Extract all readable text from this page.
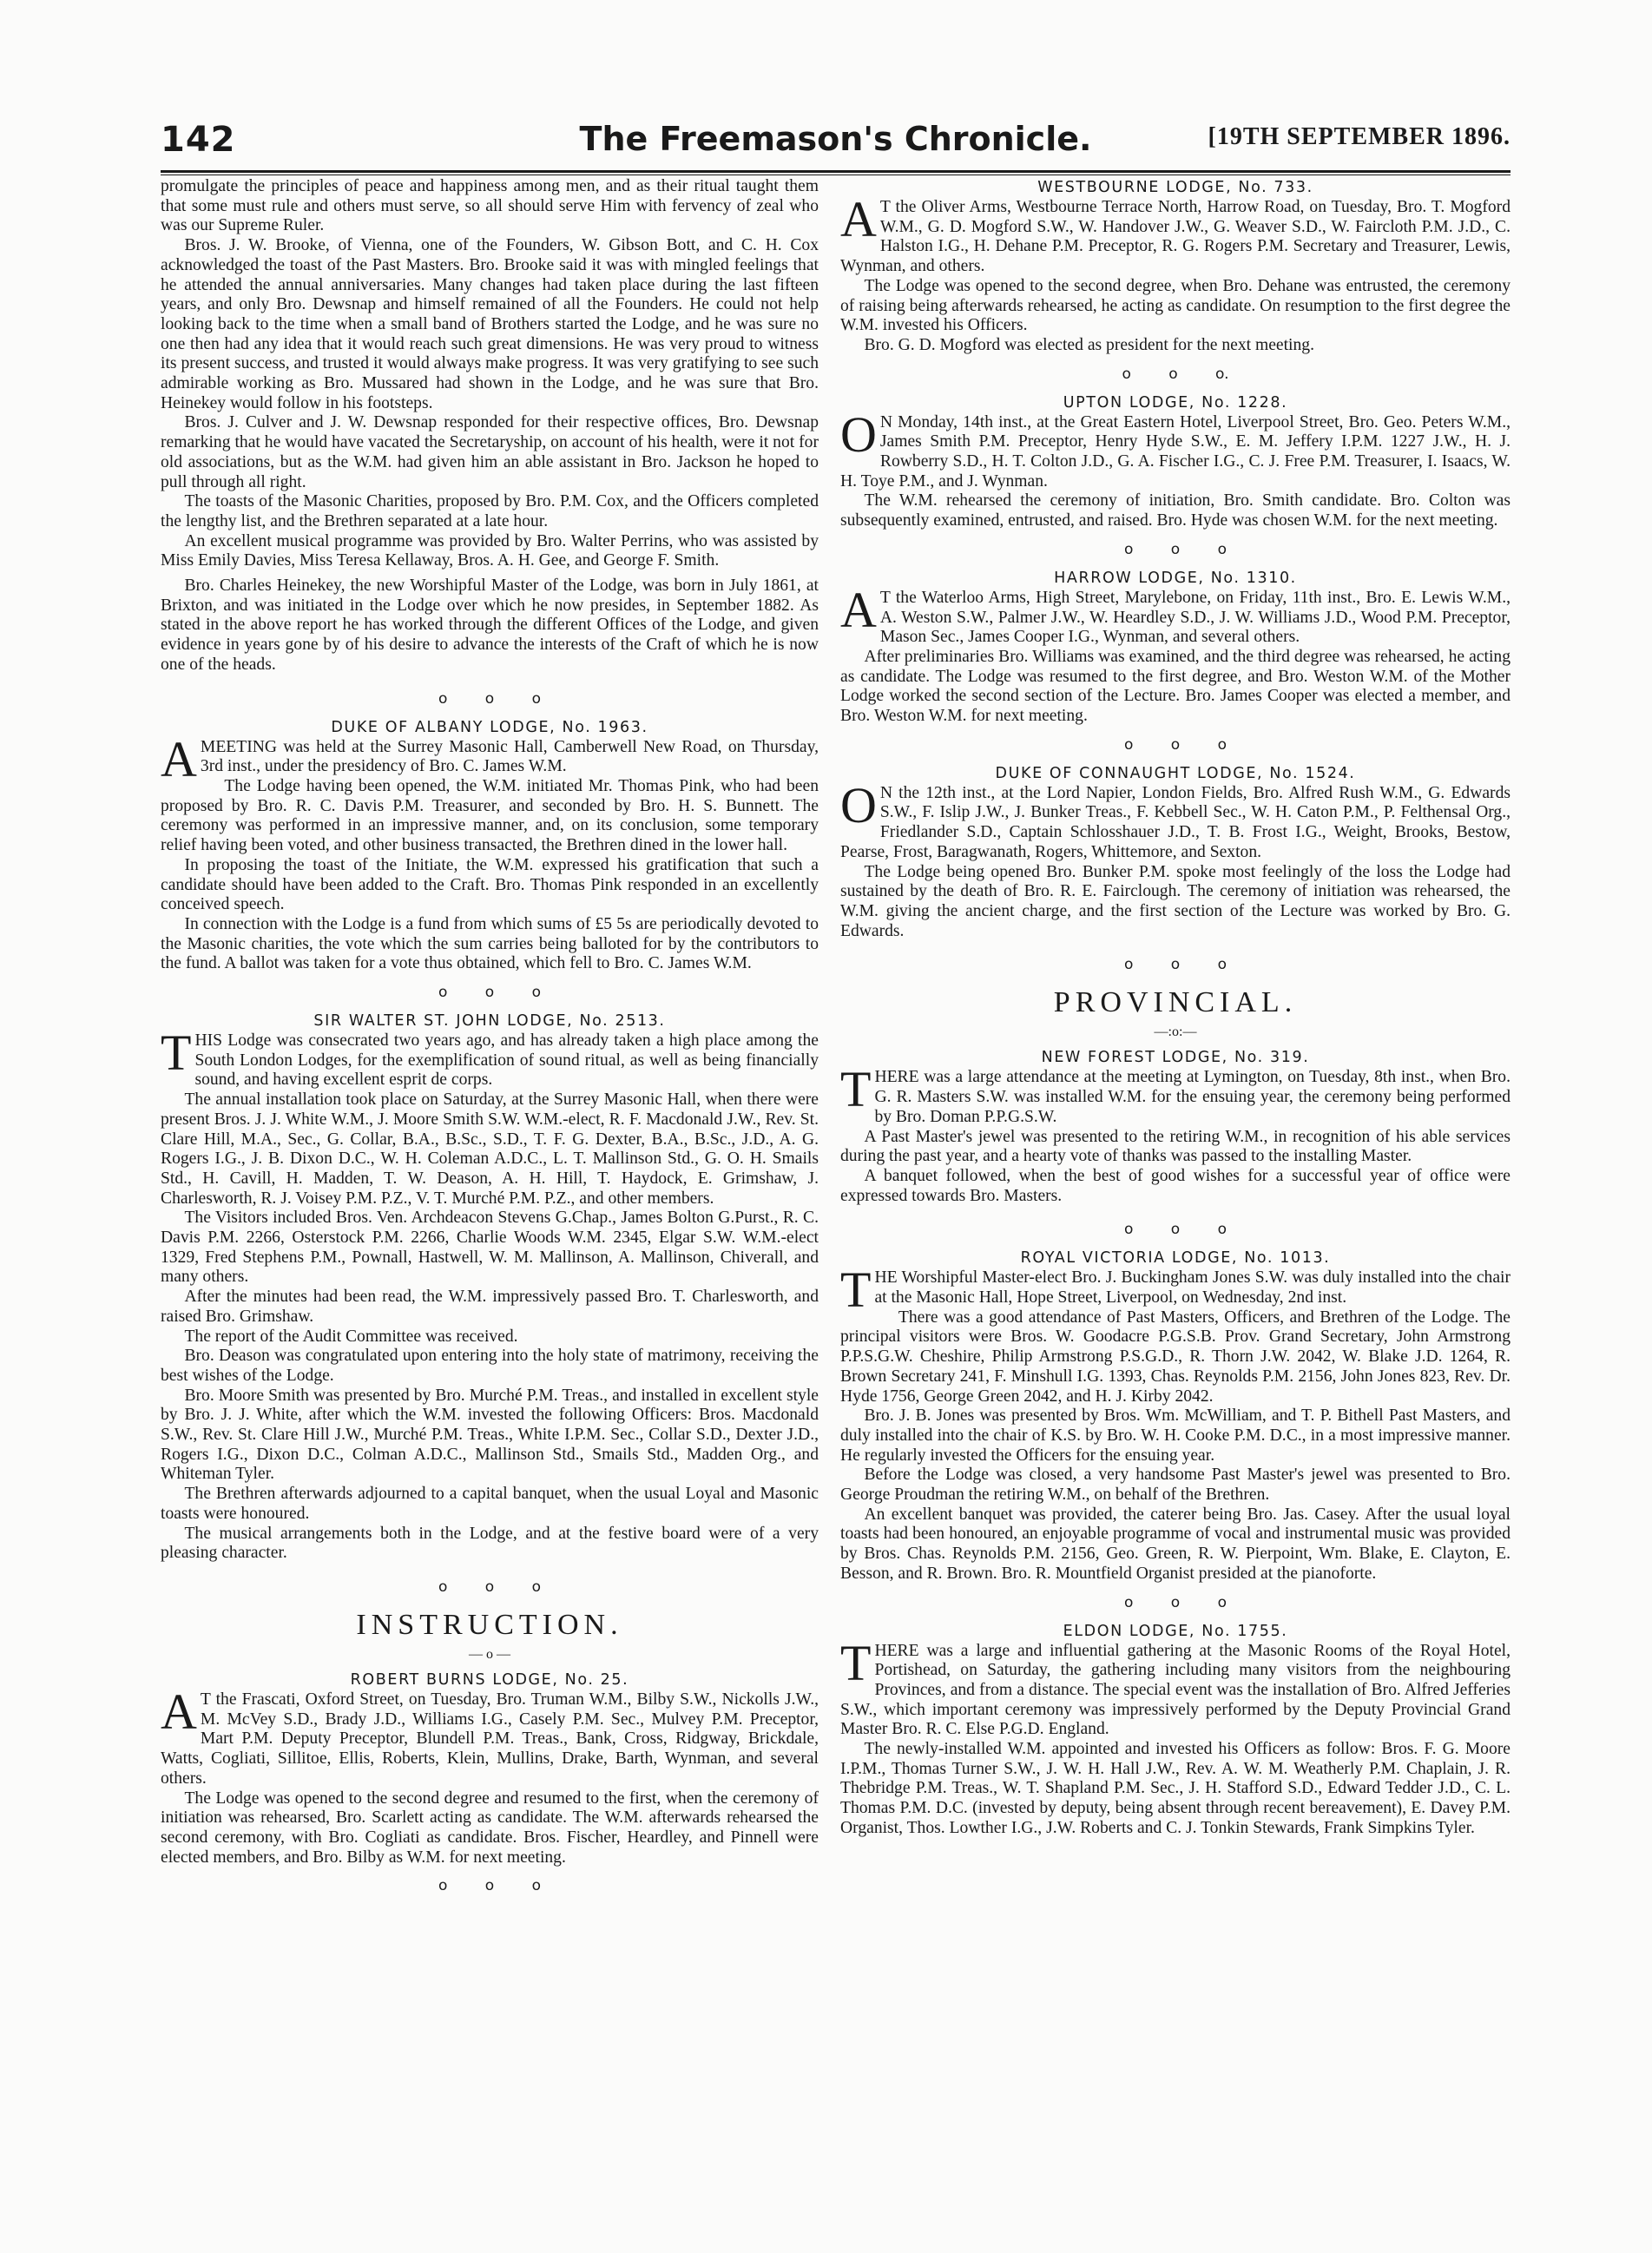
142	The Freemason's Chronicle.	[19TH SEPTEMBER 1896.

promulgate the principles of peace and happiness among men, and as their ritual taught them that some must rule and others must serve, so all should serve Him with fervency of zeal who was our Supreme Ruler.

Bros. J. W. Brooke, of Vienna, one of the Founders, W. Gibson Bott, and C. H. Cox acknowledged the toast of the Past Masters. Bro. Brooke said it was with mingled feelings that he attended the annual anniversaries. Many changes had taken place during the last fifteen years, and only Bro. Dewsnap and himself remained of all the Founders. He could not help looking back to the time when a small band of Brothers started the Lodge, and he was sure no one then had any idea that it would reach such great dimensions. He was very proud to witness its present success, and trusted it would always make progress. It was very gratifying to see such admirable working as Bro. Mussared had shown in the Lodge, and he was sure that Bro. Heinekey would follow in his footsteps.

Bros. J. Culver and J. W. Dewsnap responded for their respective offices, Bro. Dewsnap remarking that he would have vacated the Secretaryship, on account of his health, were it not for old associations, but as the W.M. had given him an able assistant in Bro. Jackson he hoped to pull through all right.

The toasts of the Masonic Charities, proposed by Bro. P.M. Cox, and the Officers completed the lengthy list, and the Brethren separated at a late hour.

An excellent musical programme was provided by Bro. Walter Perrins, who was assisted by Miss Emily Davies, Miss Teresa Kellaway, Bros. A. H. Gee, and George F. Smith.

Bro. Charles Heinekey, the new Worshipful Master of the Lodge, was born in July 1861, at Brixton, and was initiated in the Lodge over which he now presides, in September 1882. As stated in the above report he has worked through the different Offices of the Lodge, and given evidence in years gone by of his desire to advance the interests of the Craft of which he is now one of the heads.

o o o
DUKE OF ALBANY LODGE, No. 1963.

AMEETING was held at the Surrey Masonic Hall, Camberwell New Road, on Thursday, 3rd inst., under the presidency of Bro. C. James W.M.

The Lodge having been opened, the W.M. initiated Mr. Thomas Pink, who had been proposed by Bro. R. C. Davis P.M. Treasurer, and seconded by Bro. H. S. Bunnett. The ceremony was performed in an impressive manner, and, on its conclusion, some temporary relief having been voted, and other business transacted, the Brethren dined in the lower hall.

In proposing the toast of the Initiate, the W.M. expressed his gratification that such a candidate should have been added to the Craft. Bro. Thomas Pink responded in an excellently conceived speech.

In connection with the Lodge is a fund from which sums of £5 5s are periodically devoted to the Masonic charities, the vote which the sum carries being balloted for by the contributors to the fund. A ballot was taken for a vote thus obtained, which fell to Bro. C. James W.M.

o o o
SIR WALTER ST. JOHN LODGE, No. 2513.

THIS Lodge was consecrated two years ago, and has already taken a high place among the South London Lodges, for the exemplification of sound ritual, as well as being financially sound, and having excellent esprit de corps.

The annual installation took place on Saturday, at the Surrey Masonic Hall, when there were present Bros. J. J. White W.M., J. Moore Smith S.W. W.M.-elect, R. F. Macdonald J.W., Rev. St. Clare Hill, M.A., Sec., G. Collar, B.A., B.Sc., S.D., T. F. G. Dexter, B.A., B.Sc., J.D., A. G. Rogers I.G., J. B. Dixon D.C., W. H. Coleman A.D.C., L. T. Mallinson Std., G. O. H. Smails Std., H. Cavill, H. Madden, T. W. Deason, A. H. Hill, T. Haydock, E. Grimshaw, J. Charlesworth, R. J. Voisey P.M. P.Z., V. T. Murché P.M. P.Z., and other members.

The Visitors included Bros. Ven. Archdeacon Stevens G.Chap., James Bolton G.Purst., R. C. Davis P.M. 2266, Osterstock P.M. 2266, Charlie Woods W.M. 2345, Elgar S.W. W.M.-elect 1329, Fred Stephens P.M., Pownall, Hastwell, W. M. Mallinson, A. Mallinson, Chiverall, and many others.

After the minutes had been read, the W.M. impressively passed Bro. T. Charlesworth, and raised Bro. Grimshaw.

The report of the Audit Committee was received.

Bro. Deason was congratulated upon entering into the holy state of matrimony, receiving the best wishes of the Lodge.

Bro. Moore Smith was presented by Bro. Murché P.M. Treas., and installed in excellent style by Bro. J. J. White, after which the W.M. invested the following Officers: Bros. Macdonald S.W., Rev. St. Clare Hill J.W., Murché P.M. Treas., White I.P.M. Sec., Collar S.D., Dexter J.D., Rogers I.G., Dixon D.C., Colman A.D.C., Mallinson Std., Smails Std., Madden Org., and Whiteman Tyler.

The Brethren afterwards adjourned to a capital banquet, when the usual Loyal and Masonic toasts were honoured.

The musical arrangements both in the Lodge, and at the festive board were of a very pleasing character.

o o o
INSTRUCTION.
— o —
ROBERT BURNS LODGE, No. 25.

A T the Frascati, Oxford Street, on Tuesday, Bro. Truman W.M., Bilby S.W., Nickolls J.W., M. McVey S.D., Brady J.D., Williams I.G., Casely P.M. Sec., Mulvey P.M. Preceptor, Mart P.M. Deputy Preceptor, Blundell P.M. Treas., Bank, Cross, Ridgway, Brickdale, Watts, Cogliati, Sillitoe, Ellis, Roberts, Klein, Mullins, Drake, Barth, Wynman, and several others.

The Lodge was opened to the second degree and resumed to the first, when the ceremony of initiation was rehearsed, Bro. Scarlett acting as candidate. The W.M. afterwards rehearsed the second ceremony, with Bro. Cogliati as candidate. Bros. Fischer, Heardley, and Pinnell were elected members, and Bro. Bilby as W.M. for next meeting.

o o o
WESTBOURNE LODGE, No. 733.

A T the Oliver Arms, Westbourne Terrace North, Harrow Road, on Tuesday, Bro. T. Mogford W.M., G. D. Mogford S.W., W. Handover J.W., G. Weaver S.D., W. Faircloth P.M. J.D., C. Halston I.G., H. Dehane P.M. Preceptor, R. G. Rogers P.M. Secretary and Treasurer, Lewis, Wynman, and others.

The Lodge was opened to the second degree, when Bro. Dehane was entrusted, the ceremony of raising being afterwards rehearsed, he acting as candidate. On resumption to the first degree the W.M. invested his Officers.

Bro. G. D. Mogford was elected as president for the next meeting.

o o o.
UPTON LODGE, No. 1228.

O N Monday, 14th inst., at the Great Eastern Hotel, Liverpool Street, Bro. Geo. Peters W.M., James Smith P.M. Preceptor, Henry Hyde S.W., E. M. Jeffery I.P.M. 1227 J.W., H. J. Rowberry S.D., H. T. Colton J.D., G. A. Fischer I.G., C. J. Free P.M. Treasurer, I. Isaacs, W. H. Toye P.M., and J. Wynman.

The W.M. rehearsed the ceremony of initiation, Bro. Smith candidate. Bro. Colton was subsequently examined, entrusted, and raised. Bro. Hyde was chosen W.M. for the next meeting.

o o o
HARROW LODGE, No. 1310.

A T the Waterloo Arms, High Street, Marylebone, on Friday, 11th inst., Bro. E. Lewis W.M., A. Weston S.W., Palmer J.W., W. Heardley S.D., J. W. Williams J.D., Wood P.M. Preceptor, Mason Sec., James Cooper I.G., Wynman, and several others.

After preliminaries Bro. Williams was examined, and the third degree was rehearsed, he acting as candidate. The Lodge was resumed to the first degree, and Bro. Weston W.M. of the Mother Lodge worked the second section of the Lecture. Bro. James Cooper was elected a member, and Bro. Weston W.M. for next meeting.

o o o
DUKE OF CONNAUGHT LODGE, No. 1524.

O N the 12th inst., at the Lord Napier, London Fields, Bro. Alfred Rush W.M., G. Edwards S.W., F. Islip J.W., J. Bunker Treas., F. Kebbell Sec., W. H. Caton P.M., P. Felthensal Org., Friedlander S.D., Captain Schlosshauer J.D., T. B. Frost I.G., Weight, Brooks, Bestow, Pearse, Frost, Baragwanath, Rogers, Whittemore, and Sexton.

The Lodge being opened Bro. Bunker P.M. spoke most feelingly of the loss the Lodge had sustained by the death of Bro. R. E. Fairclough. The ceremony of initiation was rehearsed, the W.M. giving the ancient charge, and the first section of the Lecture was worked by Bro. G. Edwards.

o o o
PROVINCIAL.
—:o:—
NEW FOREST LODGE, No. 319.

THERE was a large attendance at the meeting at Lymington, on Tuesday, 8th inst., when Bro. G. R. Masters S.W. was installed W.M. for the ensuing year, the ceremony being performed by Bro. Doman P.P.G.S.W.

A Past Master's jewel was presented to the retiring W.M., in recognition of his able services during the past year, and a hearty vote of thanks was passed to the installing Master.

A banquet followed, when the best of good wishes for a successful year of office were expressed towards Bro. Masters.

o o o
ROYAL VICTORIA LODGE, No. 1013.

THE Worshipful Master-elect Bro. J. Buckingham Jones S.W. was duly installed into the chair at the Masonic Hall, Hope Street, Liverpool, on Wednesday, 2nd inst.

There was a good attendance of Past Masters, Officers, and Brethren of the Lodge. The principal visitors were Bros. W. Goodacre P.G.S.B. Prov. Grand Secretary, John Armstrong P.P.S.G.W. Cheshire, Philip Armstrong P.S.G.D., R. Thorn J.W. 2042, W. Blake J.D. 1264, R. Brown Secretary 241, F. Minshull I.G. 1393, Chas. Reynolds P.M. 2156, John Jones 823, Rev. Dr. Hyde 1756, George Green 2042, and H. J. Kirby 2042.

Bro. J. B. Jones was presented by Bros. Wm. McWilliam, and T. P. Bithell Past Masters, and duly installed into the chair of K.S. by Bro. W. H. Cooke P.M. D.C., in a most impressive manner. He regularly invested the Officers for the ensuing year.

Before the Lodge was closed, a very handsome Past Master's jewel was presented to Bro. George Proudman the retiring W.M., on behalf of the Brethren.

An excellent banquet was provided, the caterer being Bro. Jas. Casey. After the usual loyal toasts had been honoured, an enjoyable programme of vocal and instrumental music was provided by Bros. Chas. Reynolds P.M. 2156, Geo. Green, R. W. Pierpoint, Wm. Blake, E. Clayton, E. Besson, and R. Brown. Bro. R. Mountfield Organist presided at the pianoforte.

o o o
ELDON LODGE, No. 1755.

THERE was a large and influential gathering at the Masonic Rooms of the Royal Hotel, Portishead, on Saturday, the gathering including many visitors from the neighbouring Provinces, and from a distance. The special event was the installation of Bro. Alfred Jefferies S.W., which important ceremony was impressively performed by the Deputy Provincial Grand Master Bro. R. C. Else P.G.D. England.

The newly-installed W.M. appointed and invested his Officers as follow: Bros. F. G. Moore I.P.M., Thomas Turner S.W., J. W. H. Hall J.W., Rev. A. W. M. Weatherly P.M. Chaplain, J. R. Thebridge P.M. Treas., W. T. Shapland P.M. Sec., J. H. Stafford S.D., Edward Tedder J.D., C. L. Thomas P.M. D.C. (invested by deputy, being absent through recent bereavement), E. Davey P.M. Organist, Thos. Lowther I.G., J.W. Roberts and C. J. Tonkin Stewards, Frank Simpkins Tyler.
